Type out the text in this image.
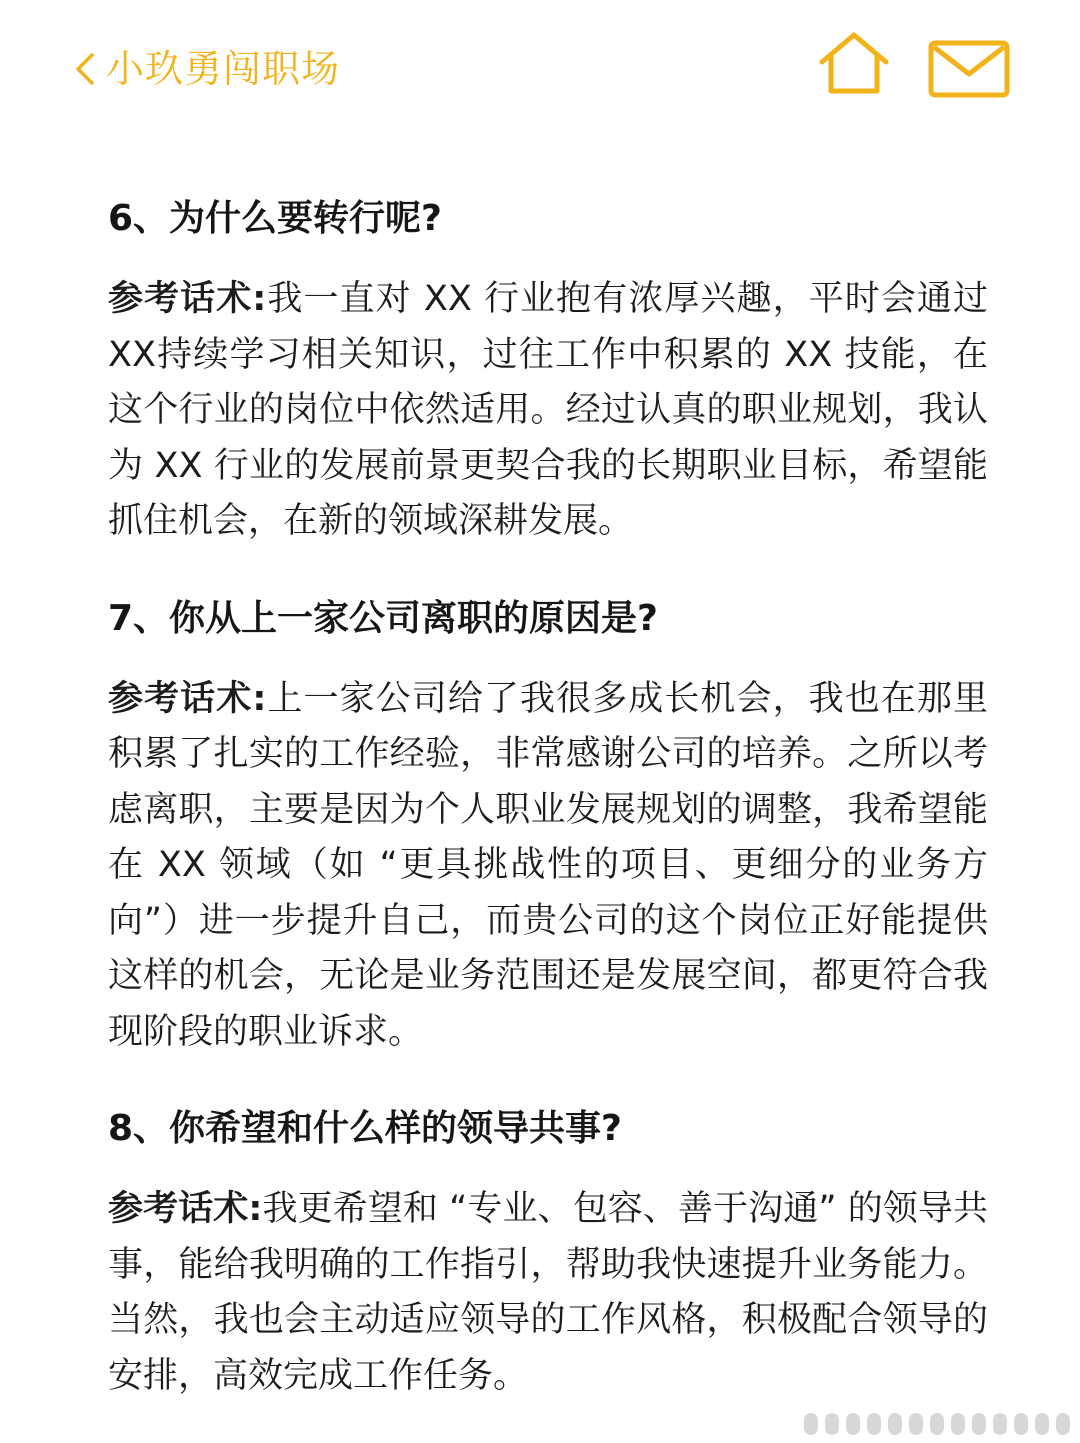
小玖勇闯职场
6、为什么要转行呢?

参考话术:我一直对 XX 行业抱有浓厚兴趣，平时会通过 XX持续学习相关知识，过往工作中积累的 XX 技能，在这个行业的岗位中依然适用。经过认真的职业规划，我认为 XX 行业的发展前景更契合我的长期职业目标，希望能抓住机会，在新的领域深耕发展。

7、你从上一家公司离职的原因是?

参考话术:上一家公司给了我很多成长机会，我也在那里积累了扎实的工作经验，非常感谢公司的培养。之所以考虑离职，主要是因为个人职业发展规划的调整，我希望能在 XX 领域（如 “更具挑战性的项目、更细分的业务方向”）进一步提升自己，而贵公司的这个岗位正好能提供这样的机会，无论是业务范围还是发展空间，都更符合我现阶段的职业诉求。

8、你希望和什么样的领导共事?

参考话术:我更希望和 “专业、包容、善于沟通” 的领导共事，能给我明确的工作指引，帮助我快速提升业务能力。当然，我也会主动适应领导的工作风格，积极配合领导的安排，高效完成工作任务。
